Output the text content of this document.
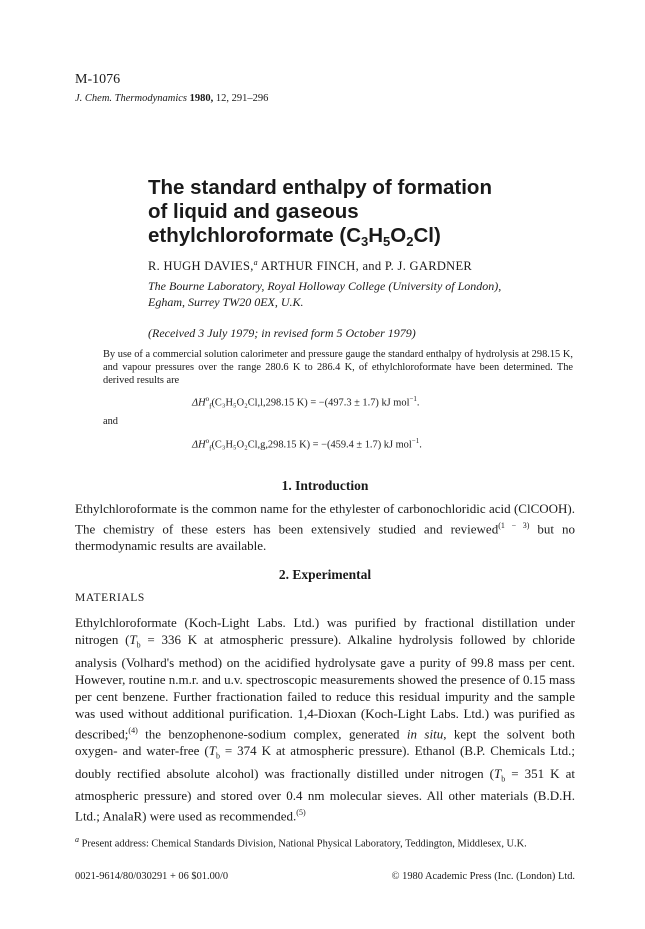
M-1076
J. Chem. Thermodynamics 1980, 12, 291–296
The standard enthalpy of formation
of liquid and gaseous
ethylchloroformate $(C_3H_5O_2Cl)$
R. HUGH DAVIES,$^a$ ARTHUR FINCH, and P. J. GARDNER
The Bourne Laboratory, Royal Holloway College (University of London),
Egham, Surrey TW20 0EX, U.K.
(Received 3 July 1979; in revised form 5 October 1979)
By use of a commercial solution calorimeter and pressure gauge the standard enthalpy of hydrolysis at 298.15 K, and vapour pressures over the range 280.6 K to 286.4 K, of ethylchloroformate have been determined. The derived results are
$\Delta H^o_f(C_3H_5O_2Cl,l,298.15$ K) = −(497.3 ± 1.7) kJ mol$^{-1}$.
and
$\Delta H^o_f(C_3H_5O_2Cl,g,298.15$ K) = −(459.4 ± 1.7) kJ mol$^{-1}$.
1. Introduction
Ethylchloroformate is the common name for the ethylester of carbonochloridic acid (ClCOOH). The chemistry of these esters has been extensively studied and reviewed$^{(1 - 3)}$ but no thermodynamic results are available.
2. Experimental
MATERIALS
Ethylchloroformate (Koch-Light Labs. Ltd.) was purified by fractional distillation under nitrogen ($T_b = 336$ K at atmospheric pressure). Alkaline hydrolysis followed by chloride analysis (Volhard's method) on the acidified hydrolysate gave a purity of 99.8 mass per cent. However, routine n.m.r. and u.v. spectroscopic measurements showed the presence of 0.15 mass per cent benzene. Further fractionation failed to reduce this residual impurity and the sample was used without additional purification. 1,4-Dioxan (Koch-Light Labs. Ltd.) was purified as described;$^{(4)}$ the benzophenone-sodium complex, generated in situ, kept the solvent both oxygen- and water-free ($T_b = 374$ K at atmospheric pressure). Ethanol (B.P. Chemicals Ltd.; doubly rectified absolute alcohol) was fractionally distilled under nitrogen ($T_b = 351$ K at atmospheric pressure) and stored over 0.4 nm molecular sieves. All other materials (B.D.H. Ltd.; AnalaR) were used as recommended.$^{(5)}$
$^a$ Present address: Chemical Standards Division, National Physical Laboratory, Teddington, Middlesex, U.K.
0021-9614/80/030291 + 06 $01.00/0	© 1980 Academic Press (Inc. (London) Ltd.
